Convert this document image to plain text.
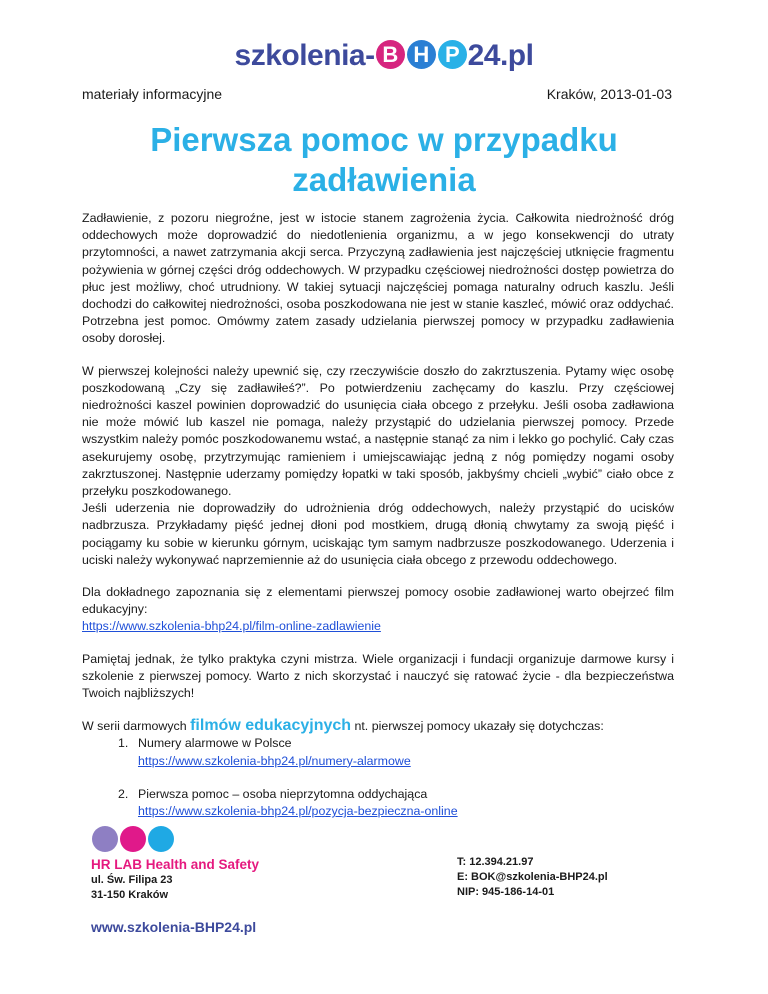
szkolenia- B H P 24.pl
materiały informacyjne	Kraków, 2013-01-03
Pierwsza pomoc w przypadku zadławienia

Zadławienie, z pozoru niegroźne, jest w istocie stanem zagrożenia życia. Całkowita niedrożność dróg oddechowych może doprowadzić do niedotlenienia organizmu, a w jego konsekwencji do utraty przytomności, a nawet zatrzymania akcji serca. Przyczyną zadławienia jest najczęściej utknięcie fragmentu pożywienia w górnej części dróg oddechowych. W przypadku częściowej niedrożności dostęp powietrza do płuc jest możliwy, choć utrudniony. W takiej sytuacji najczęściej pomaga naturalny odruch kaszlu. Jeśli dochodzi do całkowitej niedrożności, osoba poszkodowana nie jest w stanie kaszleć, mówić oraz oddychać. Potrzebna jest pomoc. Omówmy zatem zasady udzielania pierwszej pomocy w przypadku zadławienia osoby dorosłej.

W pierwszej kolejności należy upewnić się, czy rzeczywiście doszło do zakrztuszenia. Pytamy więc osobę poszkodowaną „Czy się zadławiłeś?”. Po potwierdzeniu zachęcamy do kaszlu. Przy częściowej niedrożności kaszel powinien doprowadzić do usunięcia ciała obcego z przełyku. Jeśli osoba zadławiona nie może mówić lub kaszel nie pomaga, należy przystąpić do udzielania pierwszej pomocy. Przede wszystkim należy pomóc poszkodowanemu wstać, a następnie stanąć za nim i lekko go pochylić. Cały czas asekurujemy osobę, przytrzymując ramieniem i umiejscawiając jedną z nóg pomiędzy nogami osoby zakrztuszonej. Następnie uderzamy pomiędzy łopatki w taki sposób, jakbyśmy chcieli „wybić” ciało obce z przełyku poszkodowanego.

Jeśli uderzenia nie doprowadziły do udrożnienia dróg oddechowych, należy przystąpić do ucisków nadbrzusza. Przykładamy pięść jednej dłoni pod mostkiem, drugą dłonią chwytamy za swoją pięść i pociągamy ku sobie w kierunku górnym, uciskając tym samym nadbrzusze poszkodowanego. Uderzenia i uciski należy wykonywać naprzemiennie aż do usunięcia ciała obcego z przewodu oddechowego.

Dla dokładnego zapoznania się z elementami pierwszej pomocy osobie zadławionej warto obejrzeć film edukacyjny:
https://www.szkolenia-bhp24.pl/film-online-zadlawienie

Pamiętaj jednak, że tylko praktyka czyni mistrza. Wiele organizacji i fundacji organizuje darmowe kursy i szkolenie z pierwszej pomocy. Warto z nich skorzystać i nauczyć się ratować życie - dla bezpieczeństwa Twoich najbliższych!

W serii darmowych filmów edukacyjnych nt. pierwszej pomocy ukazały się dotychczas:

1. Numery alarmowe w Polsce
https://www.szkolenia-bhp24.pl/numery-alarmowe
2. Pierwsza pomoc – osoba nieprzytomna oddychająca
https://www.szkolenia-bhp24.pl/pozycja-bezpieczna-online
HR LAB Health and Safety
ul. Św. Filipa 23
31-150 Kraków
www.szkolenia-BHP24.pl
T: 12.394.21.97
E: BOK@szkolenia-BHP24.pl
NIP: 945-186-14-01
